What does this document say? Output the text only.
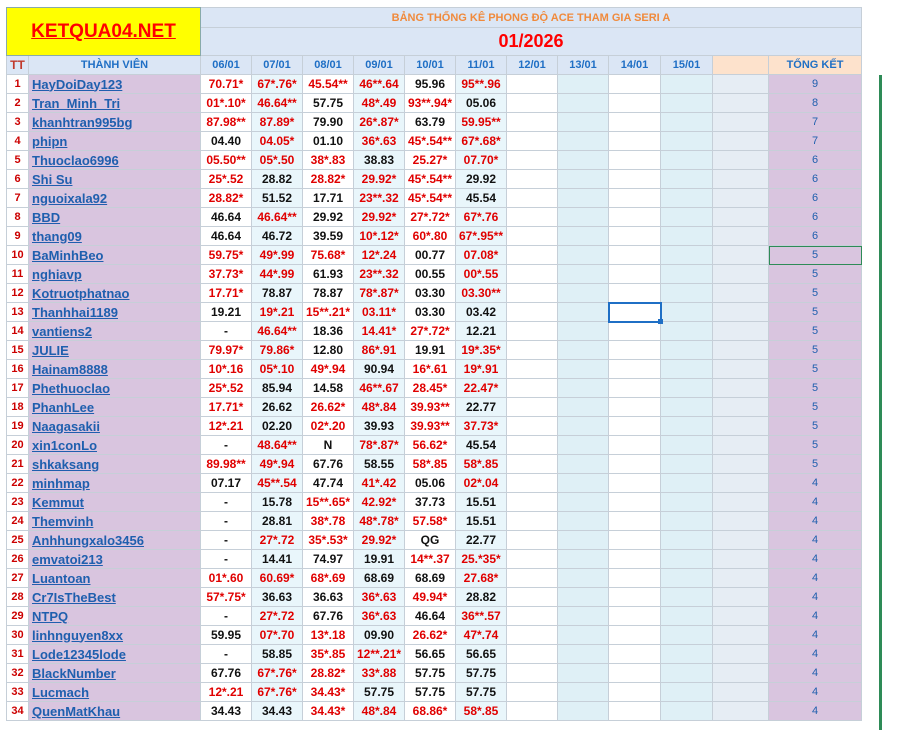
KETQUA04.NET		BẢNG THỐNG KÊ PHONG ĐỘ ACE THAM GIA SERI A											
		01/2026											
TT	THÀNH VIÊN	06/01	07/01	08/01	09/01	10/01	11/01	12/01	13/01	14/01	15/01		TỔNG KẾT
1	HayDoiDay123	70.71*	67*.76*	45.54**	46**.64	95.96	95**.96						9
2	Tran_Minh_Tri	01*.10*	46.64**	57.75	48*.49	93**.94*	05.06						8
3	khanhtran995bg	87.98**	87.89*	79.90	26*.87*	63.79	59.95**						7
4	phipn	04.40	04.05*	01.10	36*.63	45*.54**	67*.68*						7
5	Thuoclao6996	05.50**	05*.50	38*.83	38.83	25.27*	07.70*						6
6	Shi Su	25*.52	28.82	28.82*	29.92*	45*.54**	29.92						6
7	nguoixala92	28.82*	51.52	17.71	23**.32	45*.54**	45.54						6
8	BBD	46.64	46.64**	29.92	29.92*	27*.72*	67*.76						6
9	thang09	46.64	46.72	39.59	10*.12*	60*.80	67*.95**						6
10	BaMinhBeo	59.75*	49*.99	75.68*	12*.24	00.77	07.08*						5
11	nghiavp	37.73*	44*.99	61.93	23**.32	00.55	00*.55						5
12	Kotruotphatnao	17.71*	78.87	78.87	78*.87*	03.30	03.30**						5
13	Thanhhai1189	19.21	19*.21	15**.21*	03.11*	03.30	03.42						5
14	vantiens2	-	46.64**	18.36	14.41*	27*.72*	12.21						5
15	JULIE	79.97*	79.86*	12.80	86*.91	19.91	19*.35*						5
16	Hainam8888	10*.16	05*.10	49*.94	90.94	16*.61	19*.91						5
17	Phethuoclao	25*.52	85.94	14.58	46**.67	28.45*	22.47*						5
18	PhanhLee	17.71*	26.62	26.62*	48*.84	39.93**	22.77						5
19	Naagasakii	12*.21	02.20	02*.20	39.93	39.93**	37.73*						5
20	xin1conLo	-	48.64**	N	78*.87*	56.62*	45.54						5
21	shkaksang	89.98**	49*.94	67.76	58.55	58*.85	58*.85						5
22	minhmap	07.17	45**.54	47.74	41*.42	05.06	02*.04						4
23	Kemmut	-	15.78	15**.65*	42.92*	37.73	15.51						4
24	Themvinh	-	28.81	38*.78	48*.78*	57.58*	15.51						4
25	Anhhungxalo3456	-	27*.72	35*.53*	29.92*	QG	22.77						4
26	emvatoi213	-	14.41	74.97	19.91	14**.37	25.*35*						4
27	Luantoan	01*.60	60.69*	68*.69	68.69	68.69	27.68*						4
28	Cr7IsTheBest	57*.75*	36.63	36.63	36*.63	49.94*	28.82						4
29	NTPQ	-	27*.72	67.76	36*.63	46.64	36**.57						4
30	linhnguyen8xx	59.95	07*.70	13*.18	09.90	26.62*	47*.74						4
31	Lode12345lode	-	58.85	35*.85	12**.21*	56.65	56.65						4
32	BlackNumber	67.76	67*.76*	28.82*	33*.88	57.75	57.75						4
33	Lucmach	12*.21	67*.76*	34.43*	57.75	57.75	57.75						4
34	QuenMatKhau	34.43	34.43	34.43*	48*.84	68.86*	58*.85						4
